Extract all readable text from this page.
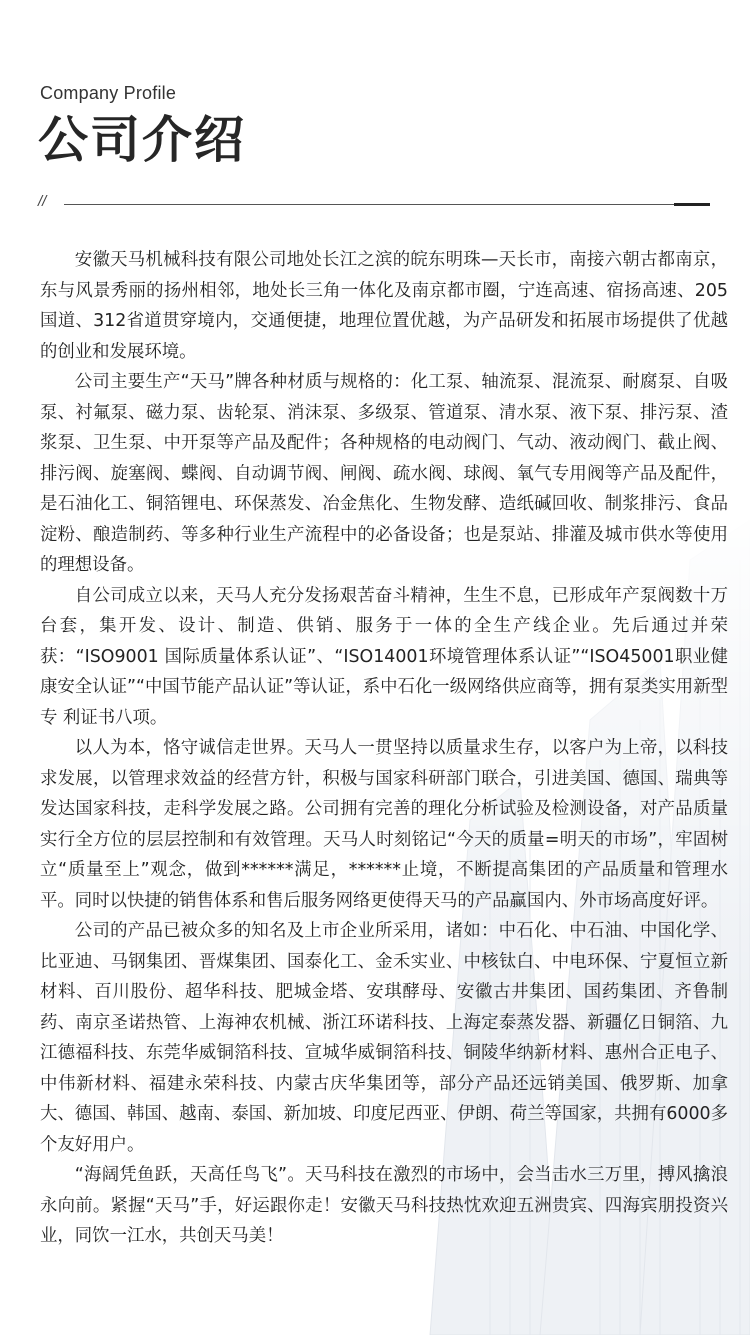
Company Profile

公司介绍
//

安徽天马机械科技有限公司地处长江之滨的皖东明珠—天长市，南接六朝古都南京，东与风景秀丽的扬州相邻，地处长三角一体化及南京都市圈，宁连高速、宿扬高速、205国道、312省道贯穿境内，交通便捷，地理位置优越，为产品研发和拓展市场提供了优越的创业和发展环境。

公司主要生产“天马”牌各种材质与规格的：化工泵、轴流泵、混流泵、耐腐泵、自吸泵、衬氟泵、磁力泵、齿轮泵、消沫泵、多级泵、管道泵、清水泵、液下泵、排污泵、渣浆泵、卫生泵、中开泵等产品及配件；各种规格的电动阀门、气动、液动阀门、截止阀、排污阀、旋塞阀、蝶阀、自动调节阀、闸阀、疏水阀、球阀、氧气专用阀等产品及配件，是石油化工、铜箔锂电、环保蒸发、冶金焦化、生物发酵、造纸碱回收、制浆排污、食品淀粉、酿造制药、等多种行业生产流程中的必备设备；也是泵站、排灌及城市供水等使用的理想设备。

自公司成立以来，天马人充分发扬艰苦奋斗精神，生生不息，已形成年产泵阀数十万台套，集开发、设计、制造、供销、服务于一体的全生产线企业。先后通过并荣获：“ISO9001 国际质量体系认证”、“ISO14001环境管理体系认证”“ISO45001职业健康安全认证”“中国节能产品认证”等认证，系中石化一级网络供应商等，拥有泵类实用新型专 利证书八项。

以人为本，恪守诚信走世界。天马人一贯坚持以质量求生存，以客户为上帝，以科技求发展，以管理求效益的经营方针，积极与国家科研部门联合，引进美国、德国、瑞典等发达国家科技，走科学发展之路。公司拥有完善的理化分析试验及检测设备，对产品质量实行全方位的层层控制和有效管理。天马人时刻铭记“今天的质量=明天的市场”，牢固树立“质量至上”观念，做到******满足，******止境，不断提高集团的产品质量和管理水平。同时以快捷的销售体系和售后服务网络更使得天马的产品赢国内、外市场高度好评。

公司的产品已被众多的知名及上市企业所采用，诸如：中石化、中石油、中国化学、比亚迪、马钢集团、晋煤集团、国泰化工、金禾实业、中核钛白、中电环保、宁夏恒立新材料、百川股份、超华科技、肥城金塔、安琪酵母、安徽古井集团、国药集团、齐鲁制药、南京圣诺热管、上海神农机械、浙江环诺科技、上海定泰蒸发器、新疆亿日铜箔、九江德福科技、东莞华威铜箔科技、宣城华威铜箔科技、铜陵华纳新材料、惠州合正电子、中伟新材料、福建永荣科技、内蒙古庆华集团等，部分产品还远销美国、俄罗斯、加拿大、德国、韩国、越南、泰国、新加坡、印度尼西亚、伊朗、荷兰等国家，共拥有6000多个友好用户。

“海阔凭鱼跃，天高任鸟飞”。天马科技在激烈的市场中，会当击水三万里，搏风擒浪永向前。紧握“天马”手，好运跟你走！安徽天马科技热忱欢迎五洲贵宾、四海宾朋投资兴业，同饮一江水，共创天马美！
